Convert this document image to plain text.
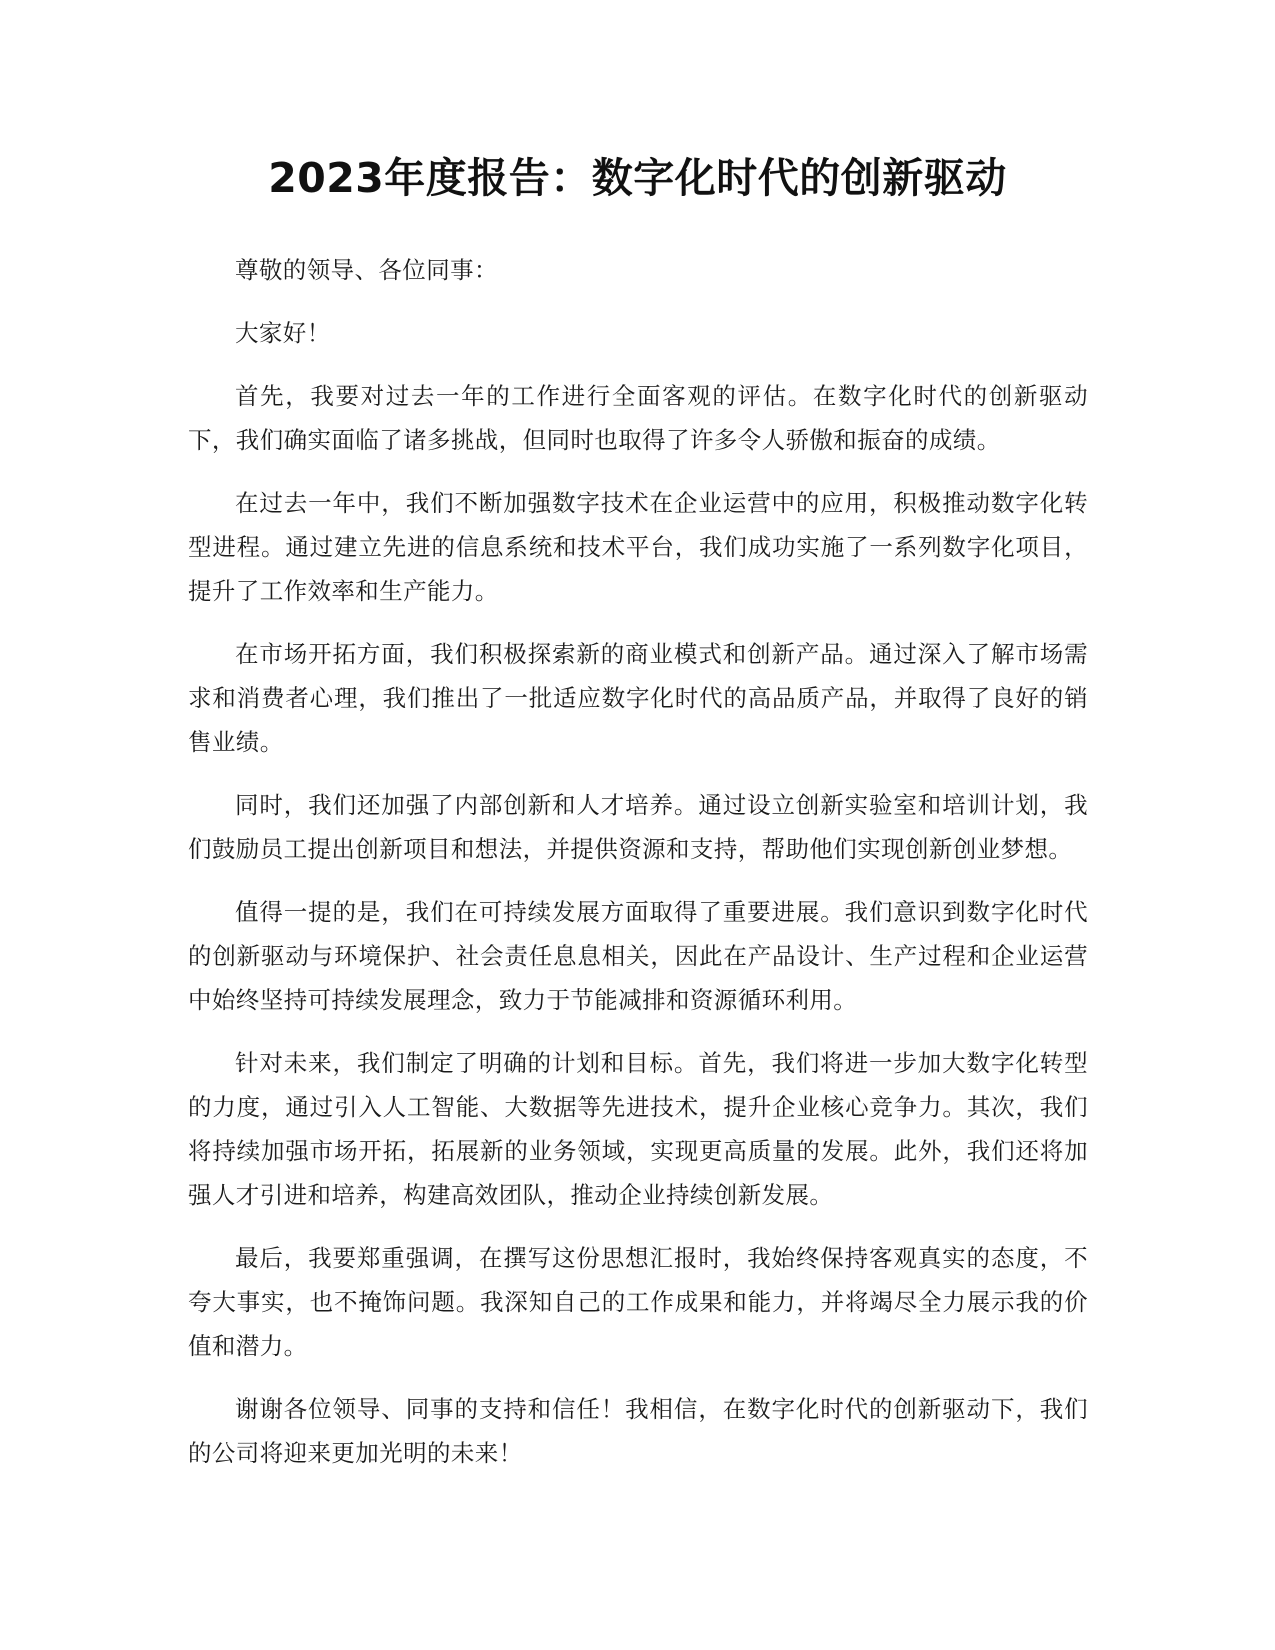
2023年度报告：数字化时代的创新驱动

尊敬的领导、各位同事：

大家好！

首先，我要对过去一年的工作进行全面客观的评估。在数字化时代的创新驱动下，我们确实面临了诸多挑战，但同时也取得了许多令人骄傲和振奋的成绩。

在过去一年中，我们不断加强数字技术在企业运营中的应用，积极推动数字化转型进程。通过建立先进的信息系统和技术平台，我们成功实施了一系列数字化项目，提升了工作效率和生产能力。

在市场开拓方面，我们积极探索新的商业模式和创新产品。通过深入了解市场需求和消费者心理，我们推出了一批适应数字化时代的高品质产品，并取得了良好的销售业绩。

同时，我们还加强了内部创新和人才培养。通过设立创新实验室和培训计划，我们鼓励员工提出创新项目和想法，并提供资源和支持，帮助他们实现创新创业梦想。

值得一提的是，我们在可持续发展方面取得了重要进展。我们意识到数字化时代的创新驱动与环境保护、社会责任息息相关，因此在产品设计、生产过程和企业运营中始终坚持可持续发展理念，致力于节能减排和资源循环利用。

针对未来，我们制定了明确的计划和目标。首先，我们将进一步加大数字化转型的力度，通过引入人工智能、大数据等先进技术，提升企业核心竞争力。其次，我们将持续加强市场开拓，拓展新的业务领域，实现更高质量的发展。此外，我们还将加强人才引进和培养，构建高效团队，推动企业持续创新发展。

最后，我要郑重强调，在撰写这份思想汇报时，我始终保持客观真实的态度，不夸大事实，也不掩饰问题。我深知自己的工作成果和能力，并将竭尽全力展示我的价值和潜力。

谢谢各位领导、同事的支持和信任！我相信，在数字化时代的创新驱动下，我们的公司将迎来更加光明的未来！
